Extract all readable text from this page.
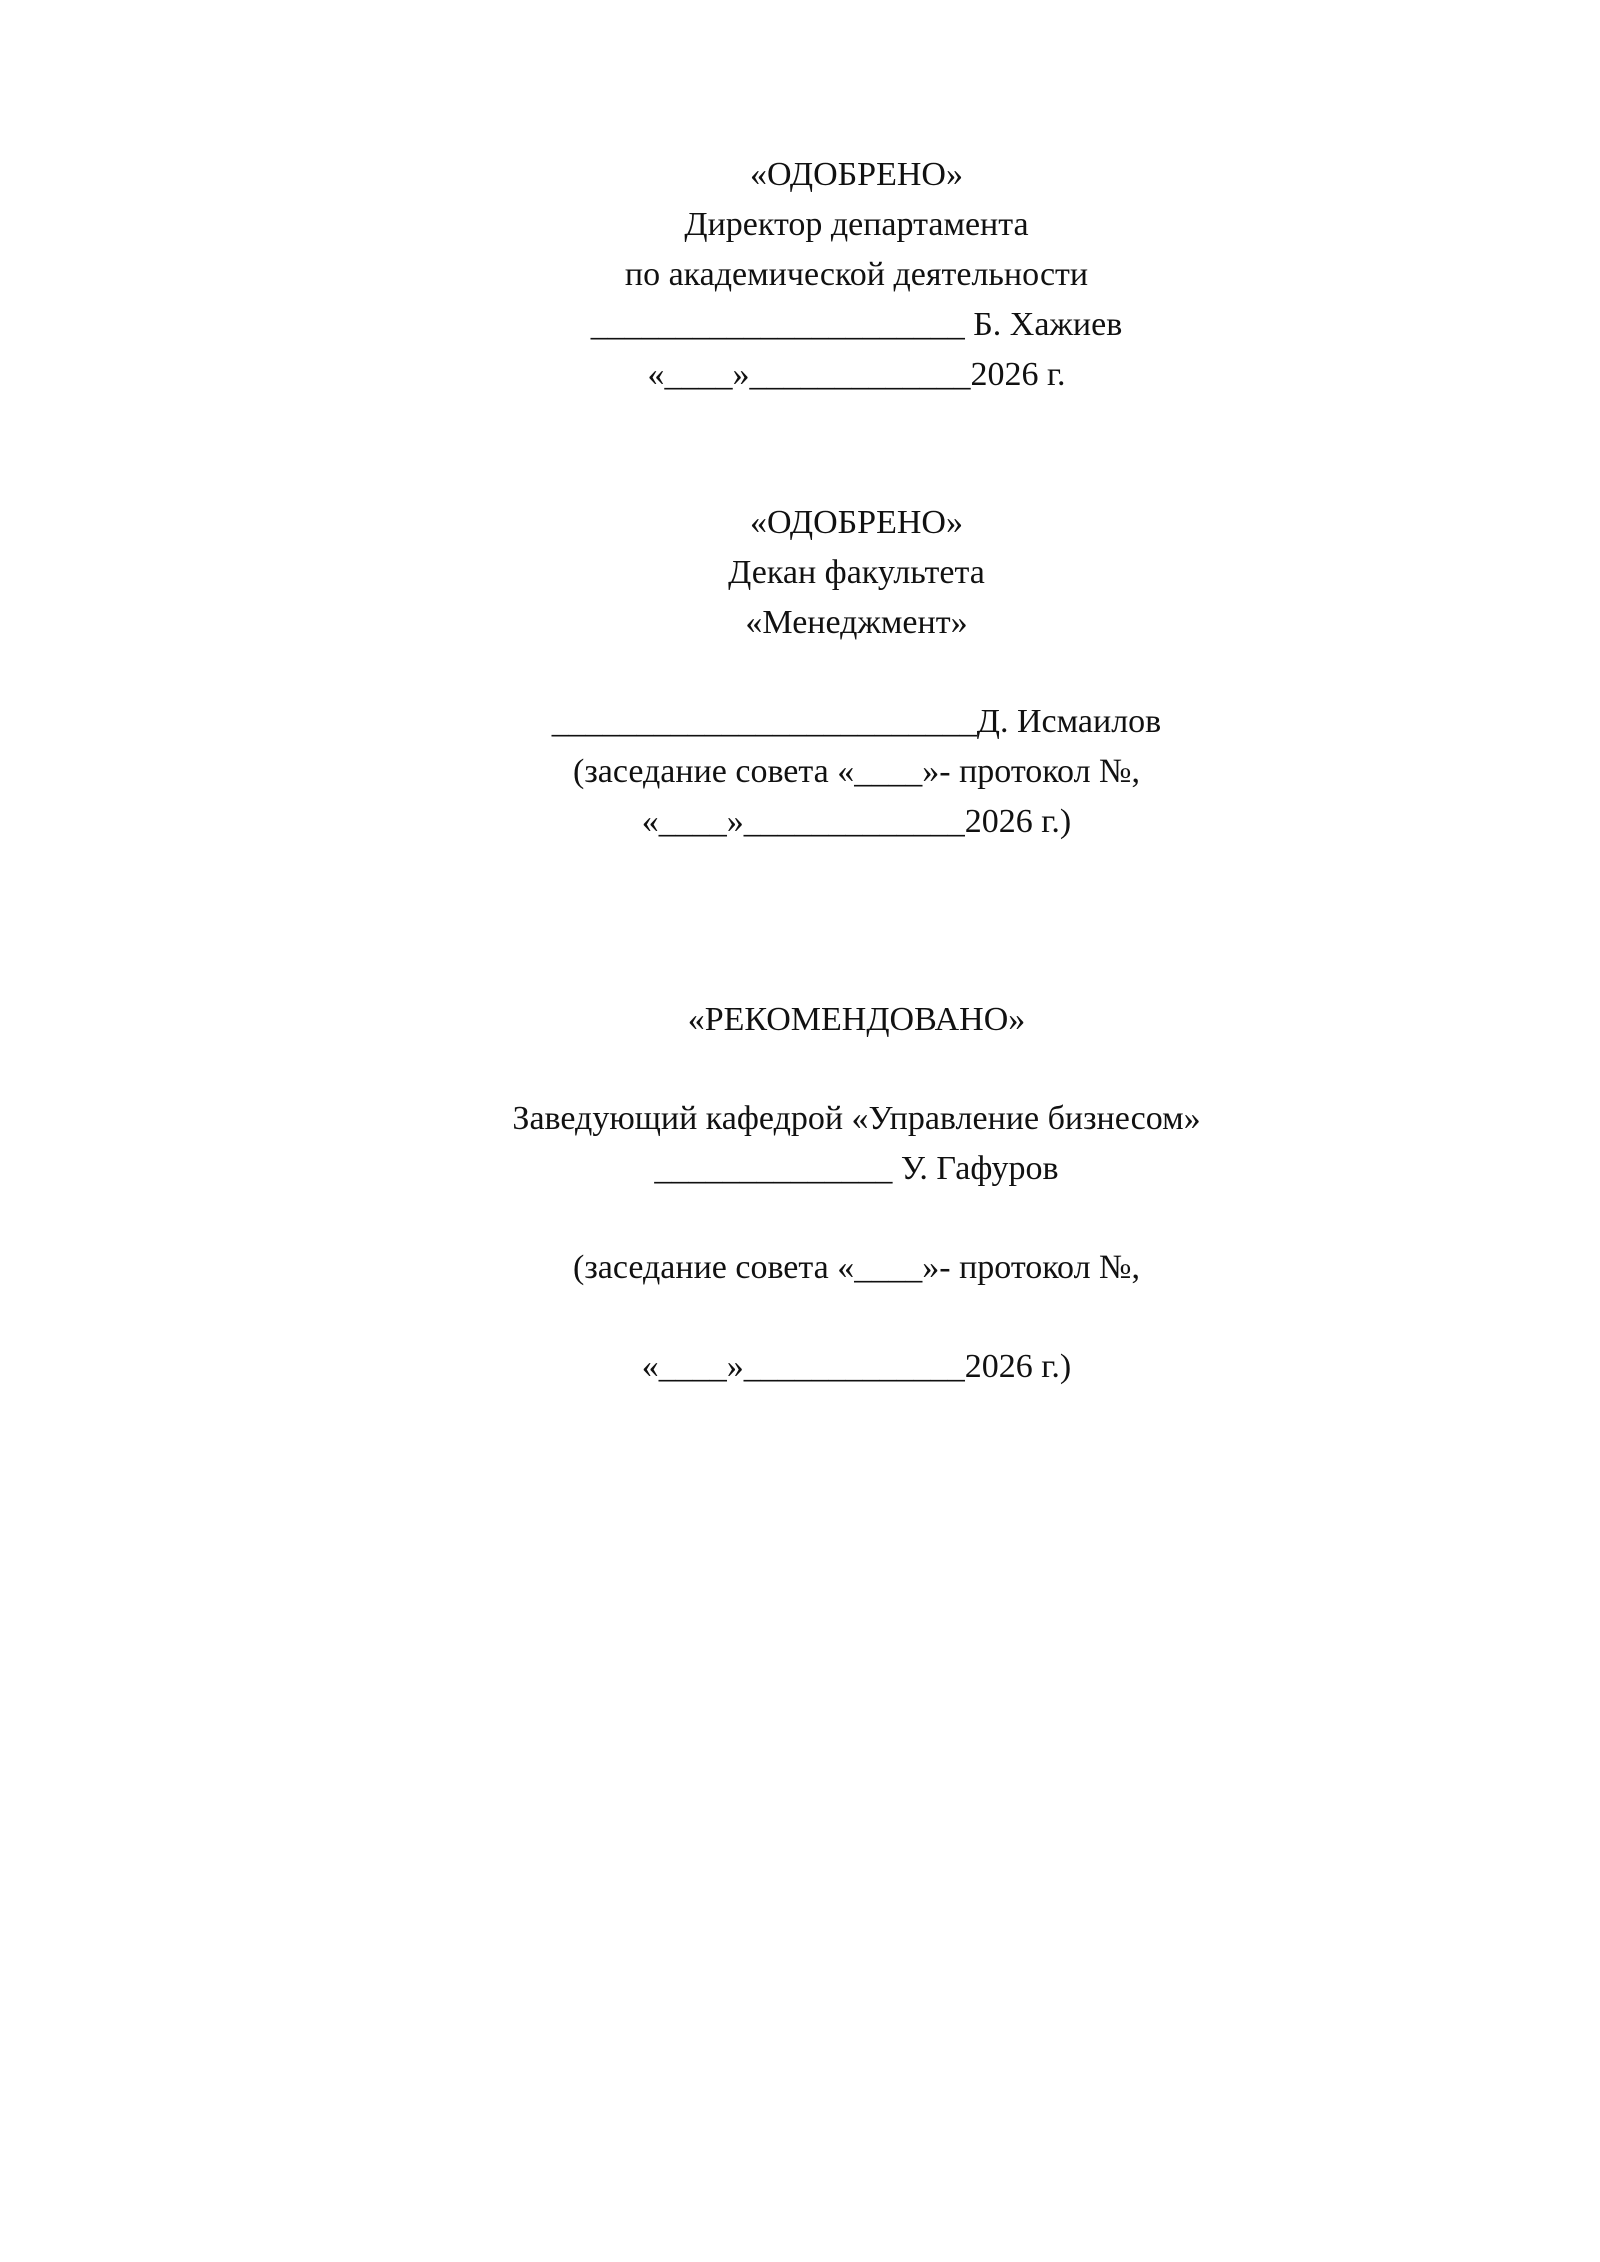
«ОДОБРЕНО»
Директор департамента
по академической деятельности
______________________ Б. Хажиев
«____»_____________2026 г.
«ОДОБРЕНО»
Декан факультета
«Менеджмент»
_________________________Д. Исмаилов
(заседание совета «____»- протокол №,
«____»_____________2026 г.)
«РЕКОМЕНДОВАНО»
Заведующий кафедрой «Управление бизнесом»
______________ У. Гафуров
(заседание совета «____»- протокол №,
«____»_____________2026 г.)
